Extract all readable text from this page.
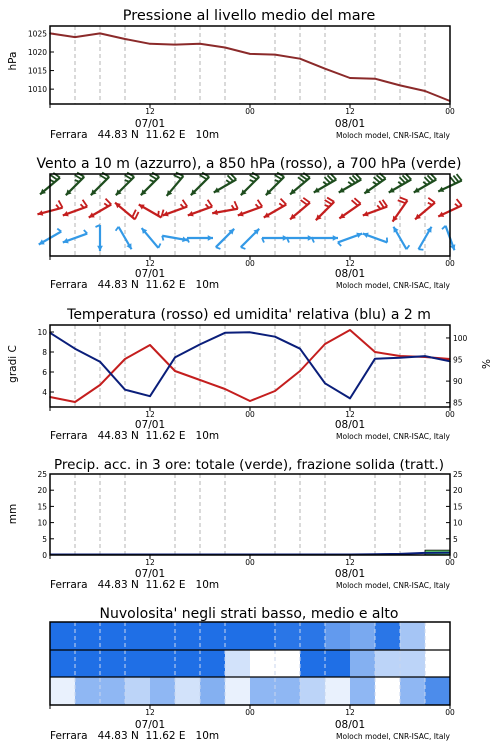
Pressione al livello medio del mare
hPa
1010
1015
1020
1025
12
07/01
00	12
08/01
00
Vento a 10 m (azzurro), a 850 hPa (rosso), a 700 hPa (verde)
12
07/01
00	12
08/01
00
Temperatura (rosso) ed umidita' relativa (blu) a 2 m
gradi C	%
4
6
8
10
85
90
95
100
12
07/01
00	12
08/01
00
Precip. acc. in 3 ore: totale (verde), frazione solida (tratt.)
mm
0
5
10
15
20
25
0
5
10
15
20
25
12
07/01
00	12
08/01
00
Nuvolosita' negli strati basso, medio e alto
12
07/01
00	12
08/01
00
Ferrara   44.83 N  11.62 E   10m	Moloch model, CNR-ISAC, Italy
Ferrara   44.83 N  11.62 E   10m	Moloch model, CNR-ISAC, Italy
Ferrara   44.83 N  11.62 E   10m	Moloch model, CNR-ISAC, Italy
Ferrara   44.83 N  11.62 E   10m	Moloch model, CNR-ISAC, Italy
Ferrara   44.83 N  11.62 E   10m	Moloch model, CNR-ISAC, Italy
